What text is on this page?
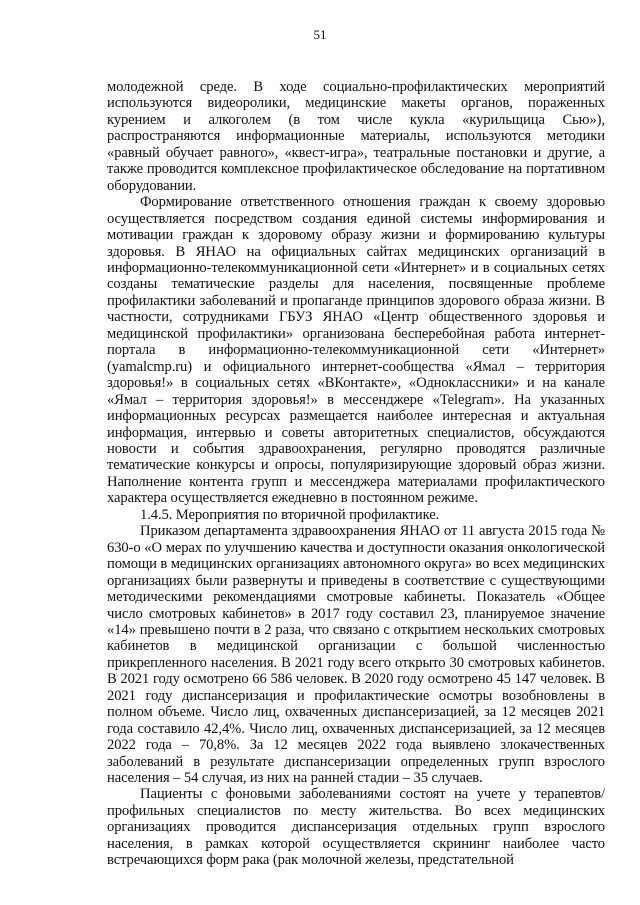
51

молодежной среде. В ходе социально-профилактических мероприятий используются видеоролики, медицинские макеты органов, пораженных курением и алкоголем (в том числе кукла «курильщица Сью»), распространяются информационные материалы, используются методики «равный обучает равного», «квест-игра», театральные постановки и другие, а также проводится комплексное профилактическое обследование на портативном оборудовании.

Формирование ответственного отношения граждан к своему здоровью осуществляется посредством создания единой системы информирования и мотивации граждан к здоровому образу жизни и формированию культуры здоровья. В ЯНАО на официальных сайтах медицинских организаций в информационно-телекоммуникационной сети «Интернет» и в социальных сетях созданы тематические разделы для населения, посвященные проблеме профилактики заболеваний и пропаганде принципов здорового образа жизни. В частности, сотрудниками ГБУЗ ЯНАО «Центр общественного здоровья и медицинской профилактики» организована бесперебойная работа интернет-портала в информационно-телекоммуникационной сети «Интернет» (yamalcmp.ru) и официального интернет-сообщества «Ямал – территория здоровья!» в социальных сетях «ВКонтакте», «Одноклассники» и на канале «Ямал – территория здоровья!» в мессенджере «Telegram». На указанных информационных ресурсах размещается наиболее интересная и актуальная информация, интервью и советы авторитетных специалистов, обсуждаются новости и события здравоохранения, регулярно проводятся различные тематические конкурсы и опросы, популяризирующие здоровый образ жизни. Наполнение контента групп и мессенджера материалами профилактического характера осуществляется ежедневно в постоянном режиме.

1.4.5. Мероприятия по вторичной профилактике.

Приказом департамента здравоохранения ЯНАО от 11 августа 2015 года № 630-о «О мерах по улучшению качества и доступности оказания онкологической помощи в медицинских организациях автономного округа» во всех медицинских организациях были развернуты и приведены в соответствие с существующими методическими рекомендациями смотровые кабинеты. Показатель «Общее число смотровых кабинетов» в 2017 году составил 23, планируемое значение «14» превышено почти в 2 раза, что связано с открытием нескольких смотровых кабинетов в медицинской организации с большой численностью прикрепленного населения. В 2021 году всего открыто 30 смотровых кабинетов. В 2021 году осмотрено 66 586 человек. В 2020 году осмотрено 45 147 человек. В 2021 году диспансеризация и профилактические осмотры возобновлены в полном объеме. Число лиц, охваченных диспансеризацией, за 12 месяцев 2021 года составило 42,4%. Число лиц, охваченных диспансеризацией, за 12 месяцев 2022 года – 70,8%. За 12 месяцев 2022 года выявлено злокачественных заболеваний в результате диспансеризации определенных групп взрослого населения – 54 случая, из них на ранней стадии – 35 случаев.

Пациенты с фоновыми заболеваниями состоят на учете у терапевтов/профильных специалистов по месту жительства. Во всех медицинских организациях проводится диспансеризация отдельных групп взрослого населения, в рамках которой осуществляется скрининг наиболее часто встречающихся форм рака (рак молочной железы, предстательной
